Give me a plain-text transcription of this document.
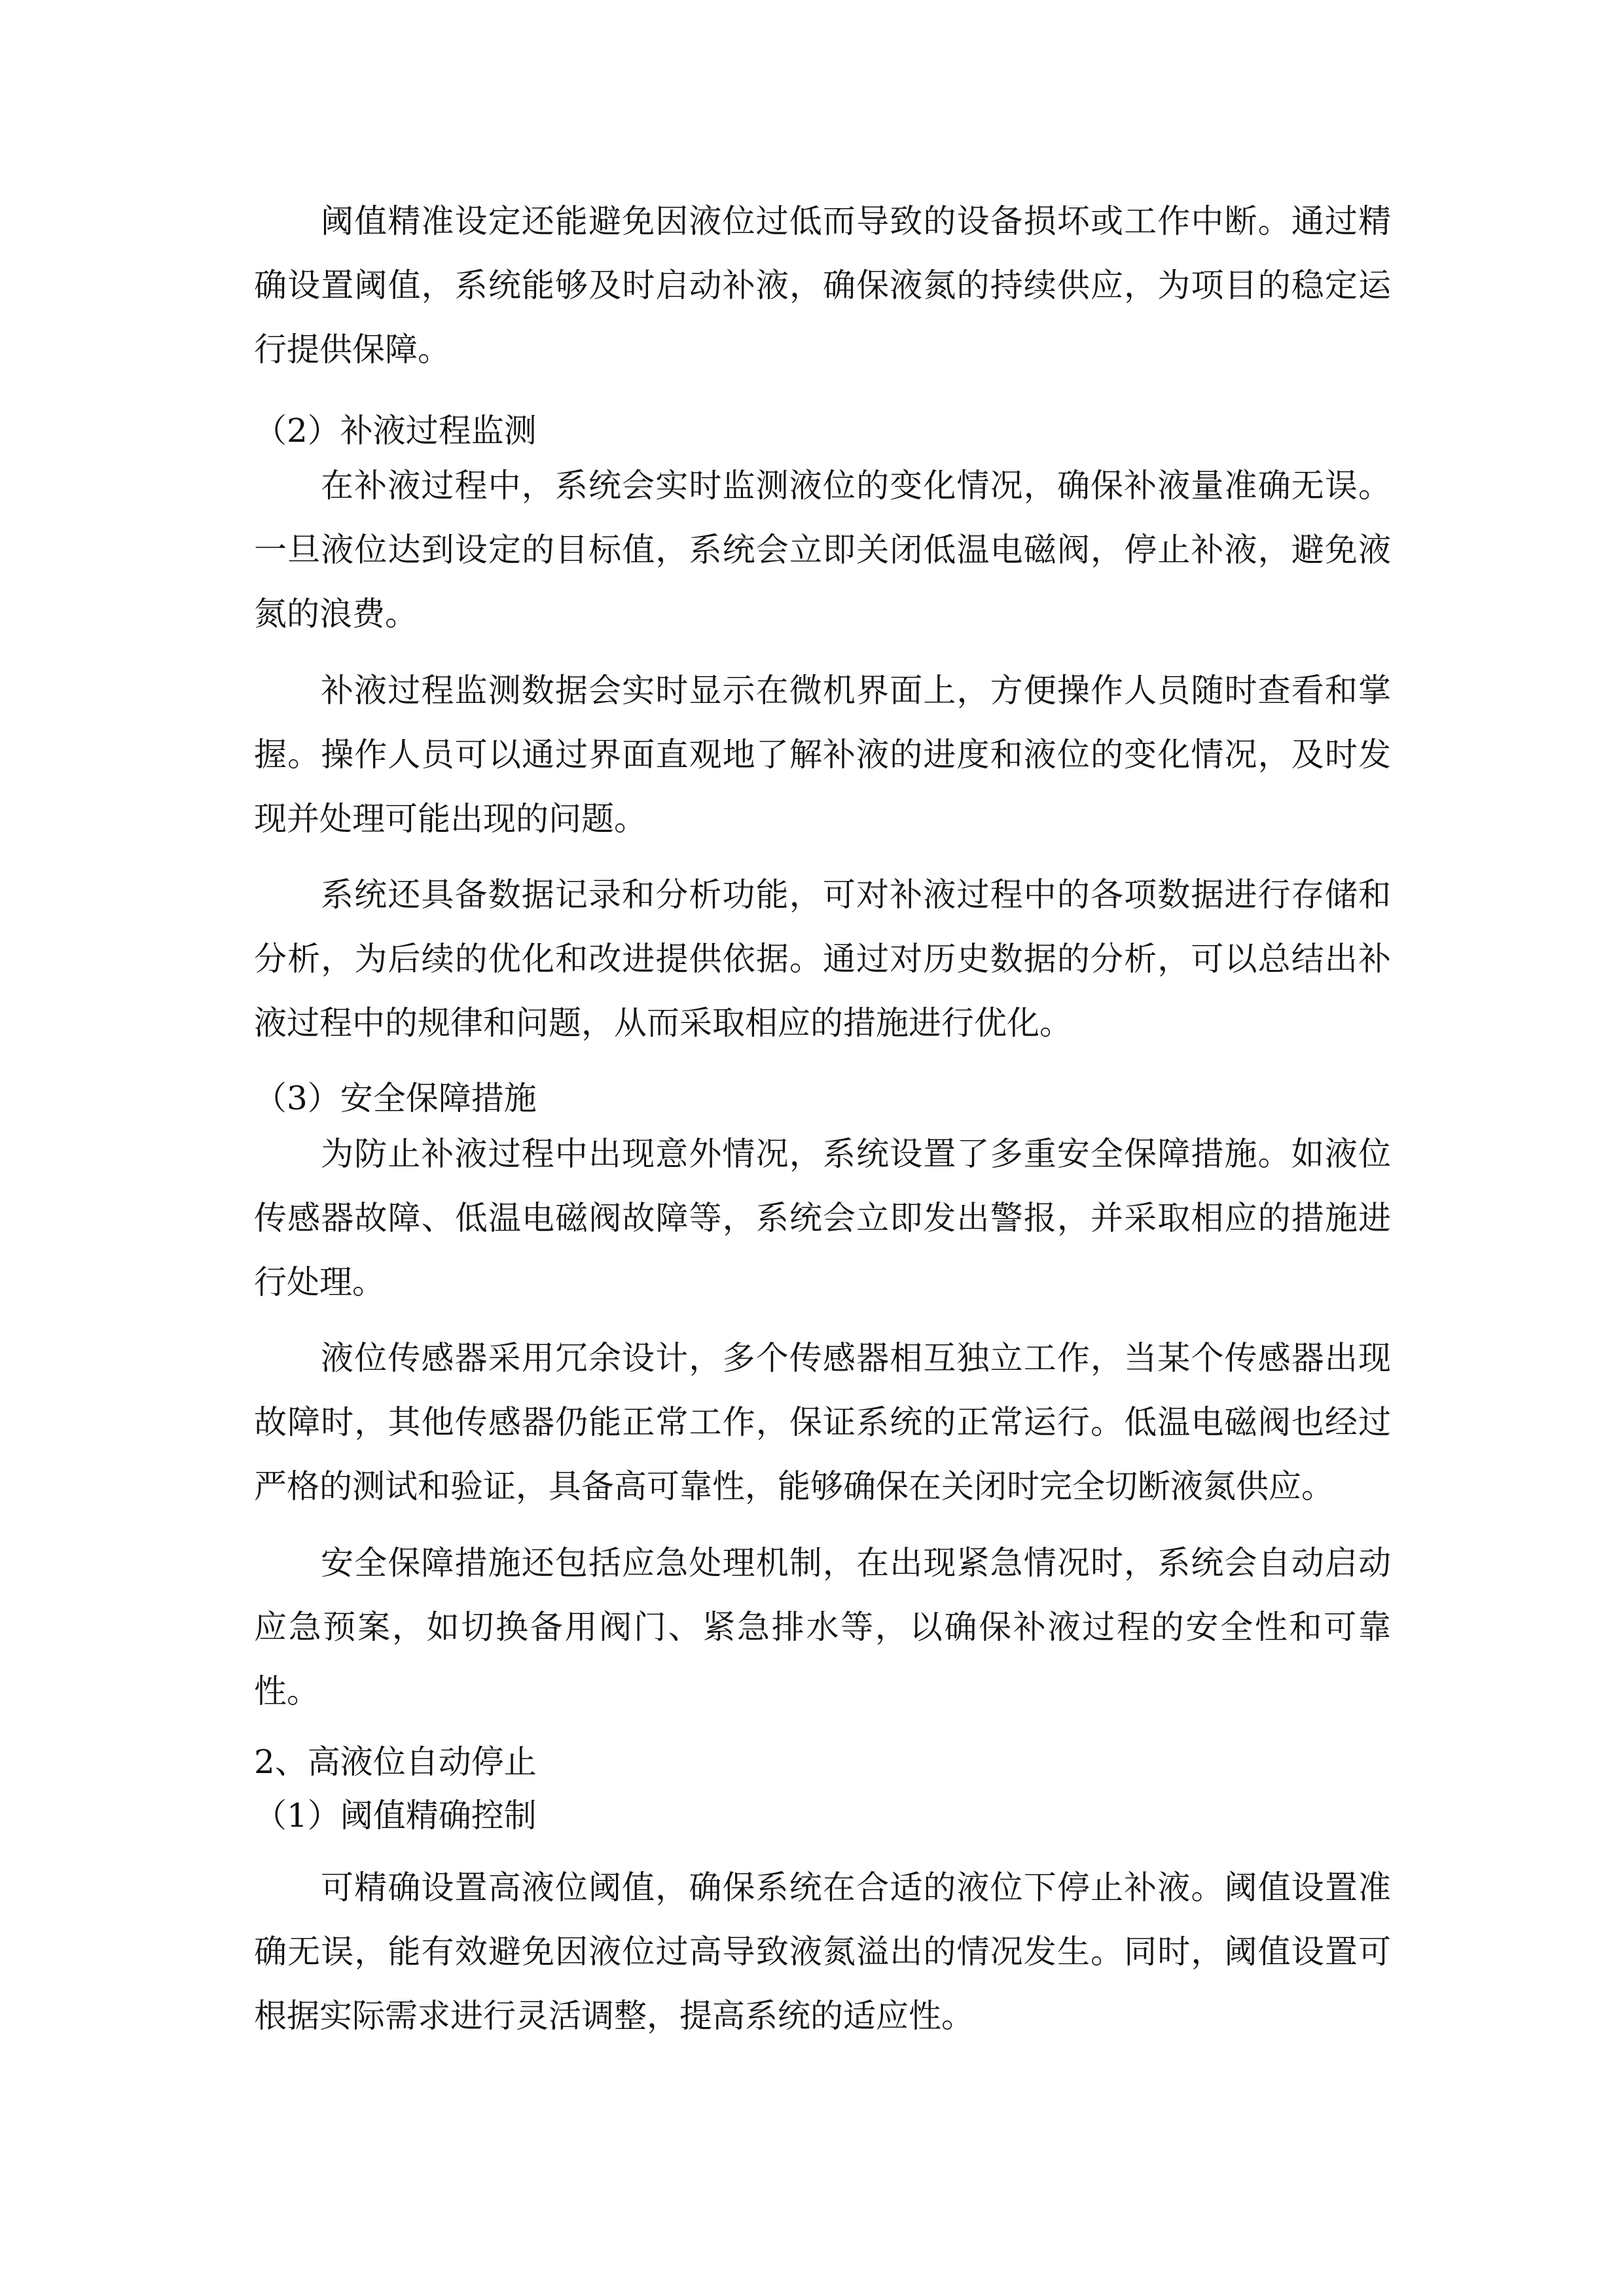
阈值精准设定还能避免因液位过低而导致的设备损坏或工作中断。通过精
确设置阈值，系统能够及时启动补液，确保液氮的持续供应，为项目的稳定运
行提供保障。
（2）补液过程监测
在补液过程中，系统会实时监测液位的变化情况，确保补液量准确无误。
一旦液位达到设定的目标值，系统会立即关闭低温电磁阀，停止补液，避免液
氮的浪费。
补液过程监测数据会实时显示在微机界面上，方便操作人员随时查看和掌
握。操作人员可以通过界面直观地了解补液的进度和液位的变化情况，及时发
现并处理可能出现的问题。
系统还具备数据记录和分析功能，可对补液过程中的各项数据进行存储和
分析，为后续的优化和改进提供依据。通过对历史数据的分析，可以总结出补
液过程中的规律和问题，从而采取相应的措施进行优化。
（3）安全保障措施
为防止补液过程中出现意外情况，系统设置了多重安全保障措施。如液位
传感器故障、低温电磁阀故障等，系统会立即发出警报，并采取相应的措施进
行处理。
液位传感器采用冗余设计，多个传感器相互独立工作，当某个传感器出现
故障时，其他传感器仍能正常工作，保证系统的正常运行。低温电磁阀也经过
严格的测试和验证，具备高可靠性，能够确保在关闭时完全切断液氮供应。
安全保障措施还包括应急处理机制，在出现紧急情况时，系统会自动启动
应急预案，如切换备用阀门、紧急排水等，以确保补液过程的安全性和可靠
性。
2、高液位自动停止
（1）阈值精确控制
可精确设置高液位阈值，确保系统在合适的液位下停止补液。阈值设置准
确无误，能有效避免因液位过高导致液氮溢出的情况发生。同时，阈值设置可
根据实际需求进行灵活调整，提高系统的适应性。
